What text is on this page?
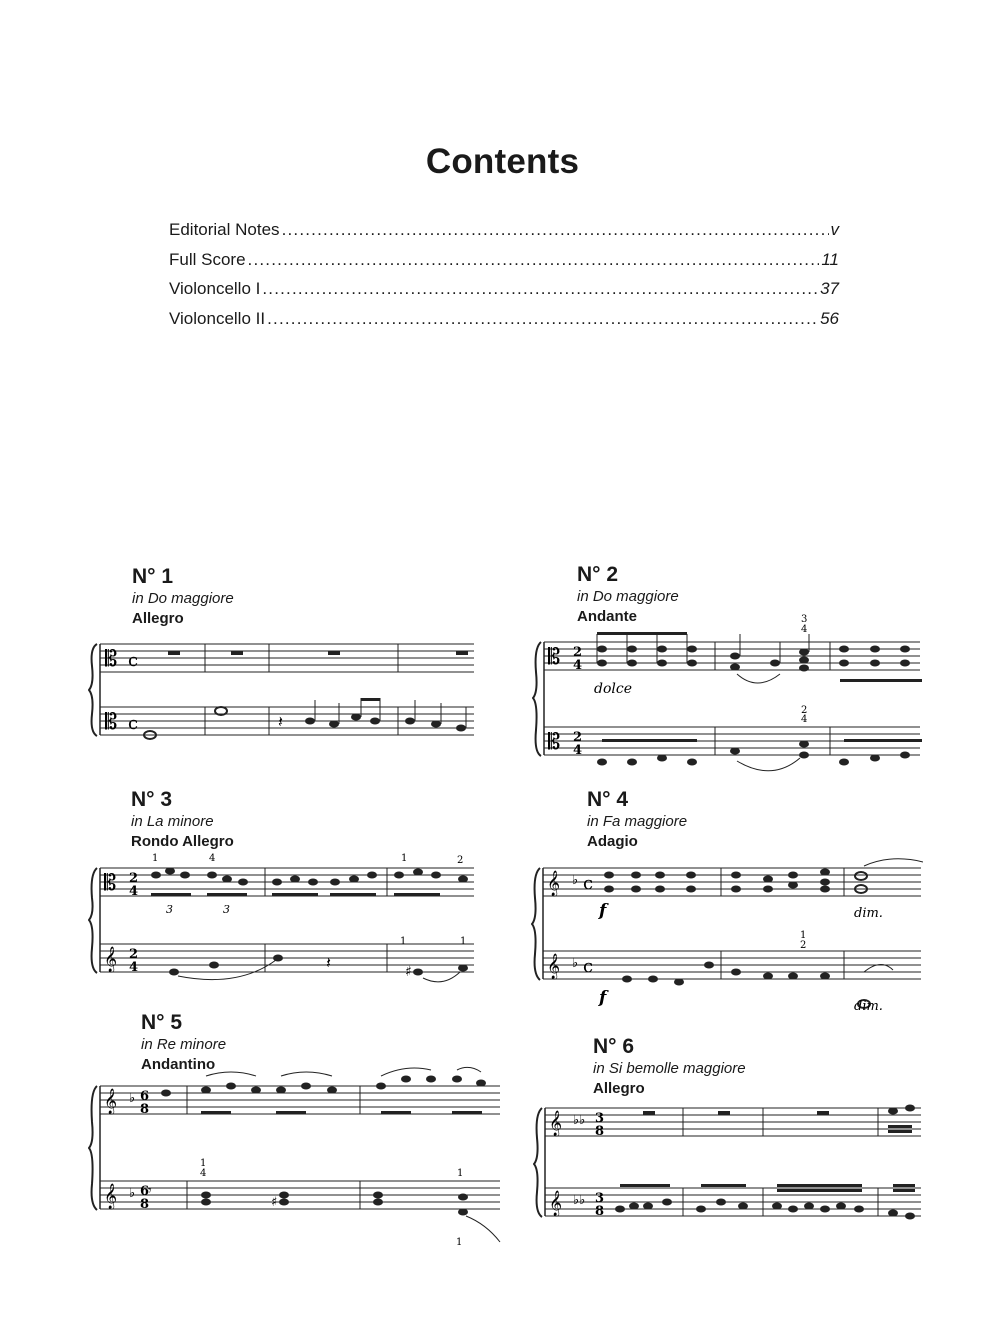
Contents
Editorial Notes .....	v
Full Score .....	11
Violoncello I .....	37
Violoncello II .....	56
N° 1
in Do maggiore
Allegro
N° 2
in Do maggiore
Andante
N° 3
in La minore
Rondo Allegro
N° 4
in Fa maggiore
Adagio
N° 5
in Re minore
Andantino
N° 6
in Si bemolle maggiore
Allegro
𝄡 c
𝄡 c	𝄽
𝄡 2
4
𝄡 2
4
dolce
3
4
2
4
𝄡 2
4
𝄞 2
4
1	4	1	2
3	3
1	1
♯
𝄽
𝄞 ♭ c
𝄞 ♭ c
f
f
1
2
dim.
dim.
𝄞 ♭ 6
8
𝄞 ♭ 6
8
𝄾
♯
1
4	1
1
𝄞 ♭♭ 3
8
𝄞 ♭♭ 3
8
